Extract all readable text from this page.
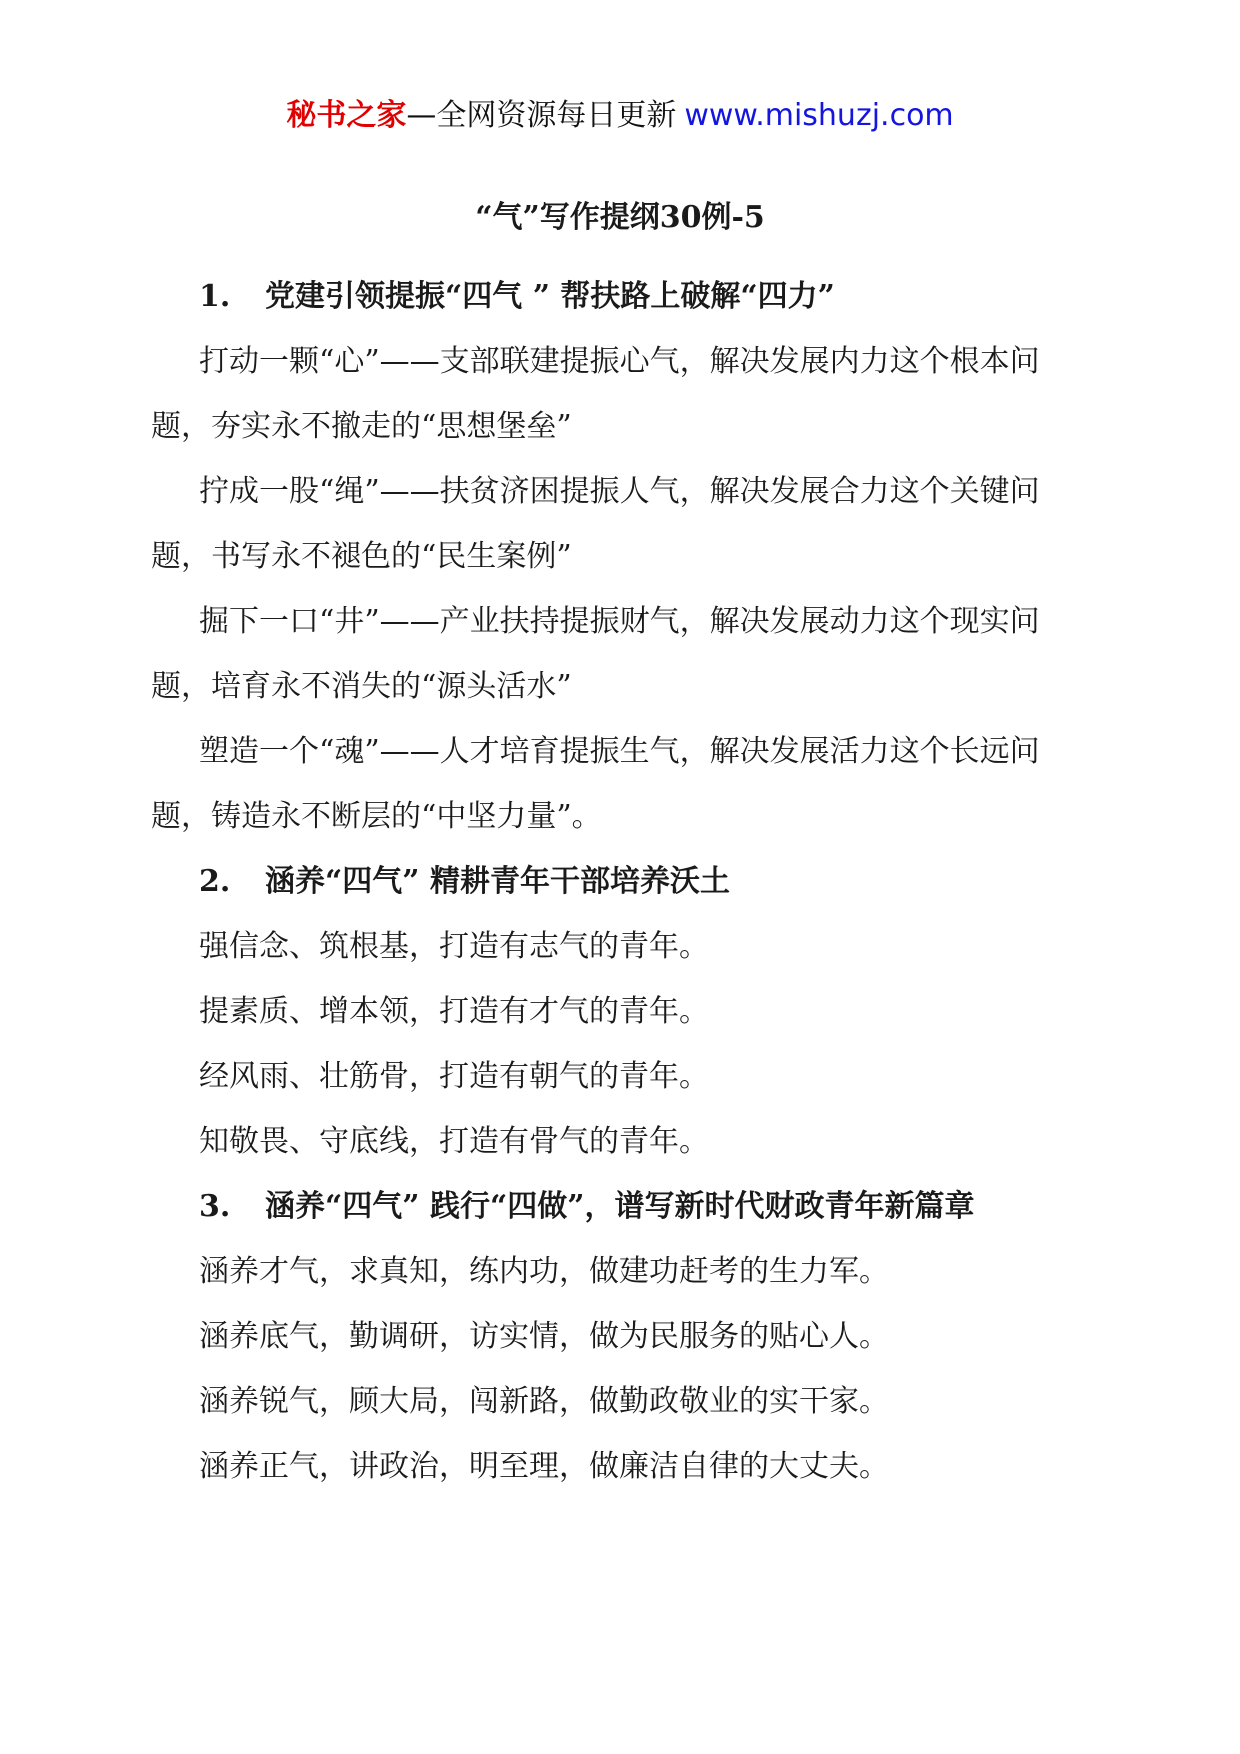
秘书之家—全网资源每日更新 www.mishuzj.com
“气”写作提纲30例-5

1. 党建引领提振“四气 ” 帮扶路上破解“四力”

打动一颗“心”——支部联建提振心气，解决发展内力这个根本问题，夯实永不撤走的“思想堡垒”

拧成一股“绳”——扶贫济困提振人气，解决发展合力这个关键问题，书写永不褪色的“民生案例”

掘下一口“井”——产业扶持提振财气，解决发展动力这个现实问题，培育永不消失的“源头活水”

塑造一个“魂”——人才培育提振生气，解决发展活力这个长远问题，铸造永不断层的“中坚力量”。

2. 涵养“四气” 精耕青年干部培养沃土

强信念、筑根基，打造有志气的青年。

提素质、增本领，打造有才气的青年。

经风雨、壮筋骨，打造有朝气的青年。

知敬畏、守底线，打造有骨气的青年。

3. 涵养“四气” 践行“四做”，谱写新时代财政青年新篇章

涵养才气，求真知，练内功，做建功赶考的生力军。

涵养底气，勤调研，访实情，做为民服务的贴心人。

涵养锐气，顾大局，闯新路，做勤政敬业的实干家。

涵养正气，讲政治，明至理，做廉洁自律的大丈夫。
